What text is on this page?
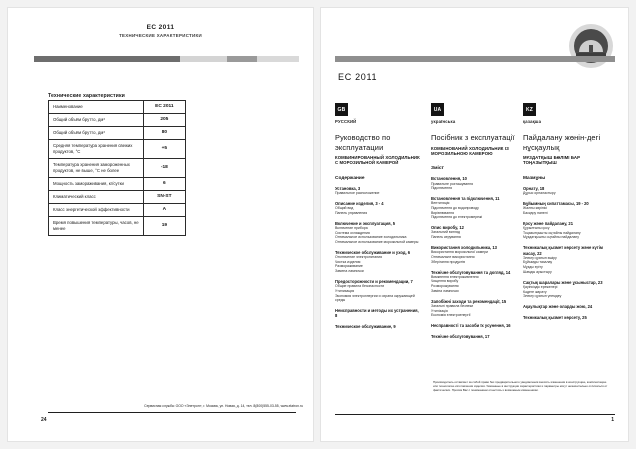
EC 2011
ТЕХНИЧЕСКИЕ ХАРАКТЕРИСТИКИ
Технические характеристики
Наименование	EC 2011
Общий объём брутто, дм³	205
Общий объём брутто, дм³	80
Средняя температура хранения свежих продуктов, °C	+5
Температура хранения замороженных продуктов, не выше, °C не более	-18
Мощность замораживания, кг/сутки	6
Климатический класс	SN-ST
Класс энергетической эффективности	A
Время повышения температуры, часов, не менее	19
Сервисная служба: ООО «Элетрон», г. Москва, ул. Новая, д. 14, тел. 8(800)555-03-55, www.elatron.ru
24
EC 2011
GB
РУССКИЙ
Руководство по эксплуатации
КОМБИНИРОВАННЫЙ ХОЛОДИЛЬНИК С МОРОЗИЛЬНОЙ КАМЕРОЙ
Содержание
Установка, 3
Правильное расположение
Описание изделия, 3 - 4
Общий вид
Панель управления
Включение и эксплуатация, 5
Включение прибора
Система охлаждения
Оптимальное использование холодильника
Оптимальное использование морозильной камеры
Техническое обслуживание и уход, 6
Отключение электропитания
Чистка изделия
Размораживание
Замена лампочки
Предосторожности и рекомендации, 7
Общие правила безопасности
Утилизация
Экономия электроэнергии и охрана окружающей среды
Неисправности и методы их устранения, 8
Техническое обслуживание, 9
UA
українська
Посібник з експлуатації
КОМБІНОВАНИЙ ХОЛОДИЛЬНИК ІЗ МОРОЗИЛЬНОЮ КАМЕРОЮ
Зміст
Встановлення, 10
Правильне розташування
Підключення
Встановлення та підключення, 11
Вентиляція
Підключення до водопроводу
Вирівнювання
Підключення до електромережі
Опис виробу, 12
Загальний вигляд
Панель керування
Використання холодильника, 13
Використання морозильної камери
Оптимальне використання
Зберігання продуктів
Технічне обслуговування та догляд, 14
Вимкнення електроживлення
Чищення виробу
Розморожування
Заміна лампочки
Запобіжні заходи та рекомендації, 15
Загальні правила безпеки
Утилізація
Економія електроенергії
Несправності та засоби їх усунення, 16
Технічне обслуговування, 17
KZ
қазақша
Пайдалану жөнін-дегі нұсқаулық
МҰЗДАТҚЫШ БӨЛІМІ БАР ТОҢАЗЫТҚЫШ
Мазмұны
Орнату, 18
Дұрыс орналастыру
Бұйымның сипаттамасы, 19 - 20
Жалпы көрінісі
Басқару панелі
Қосу және пайдалану, 21
Құрылғыны қосу
Тоңазытқышты оңтайлы пайдалану
Мұздатқышты оңтайлы пайдалану
Техникалық қызмет көрсету және күтім жасау, 22
Электр қуатын өшіру
Бұйымды тазалау
Мұзды еріту
Шамды ауыстыру
Сақтық шаралары және ұсыныстар, 23
Қауіпсіздік ережелері
Кәдеге жарату
Электр қуатын үнемдеу
Ақаулықтар және оларды жою, 24
Техникалық қызмет көрсету, 25
Производитель оставляет за собой право без предварительного уведомления вносить изменения в конструкцию, комплектацию или технологию изготовления изделия. Указанные в инструкции характеристики и параметры могут незначительно отличаться от фактических. Просим Вас с пониманием отнестись к возможным изменениям.
1
